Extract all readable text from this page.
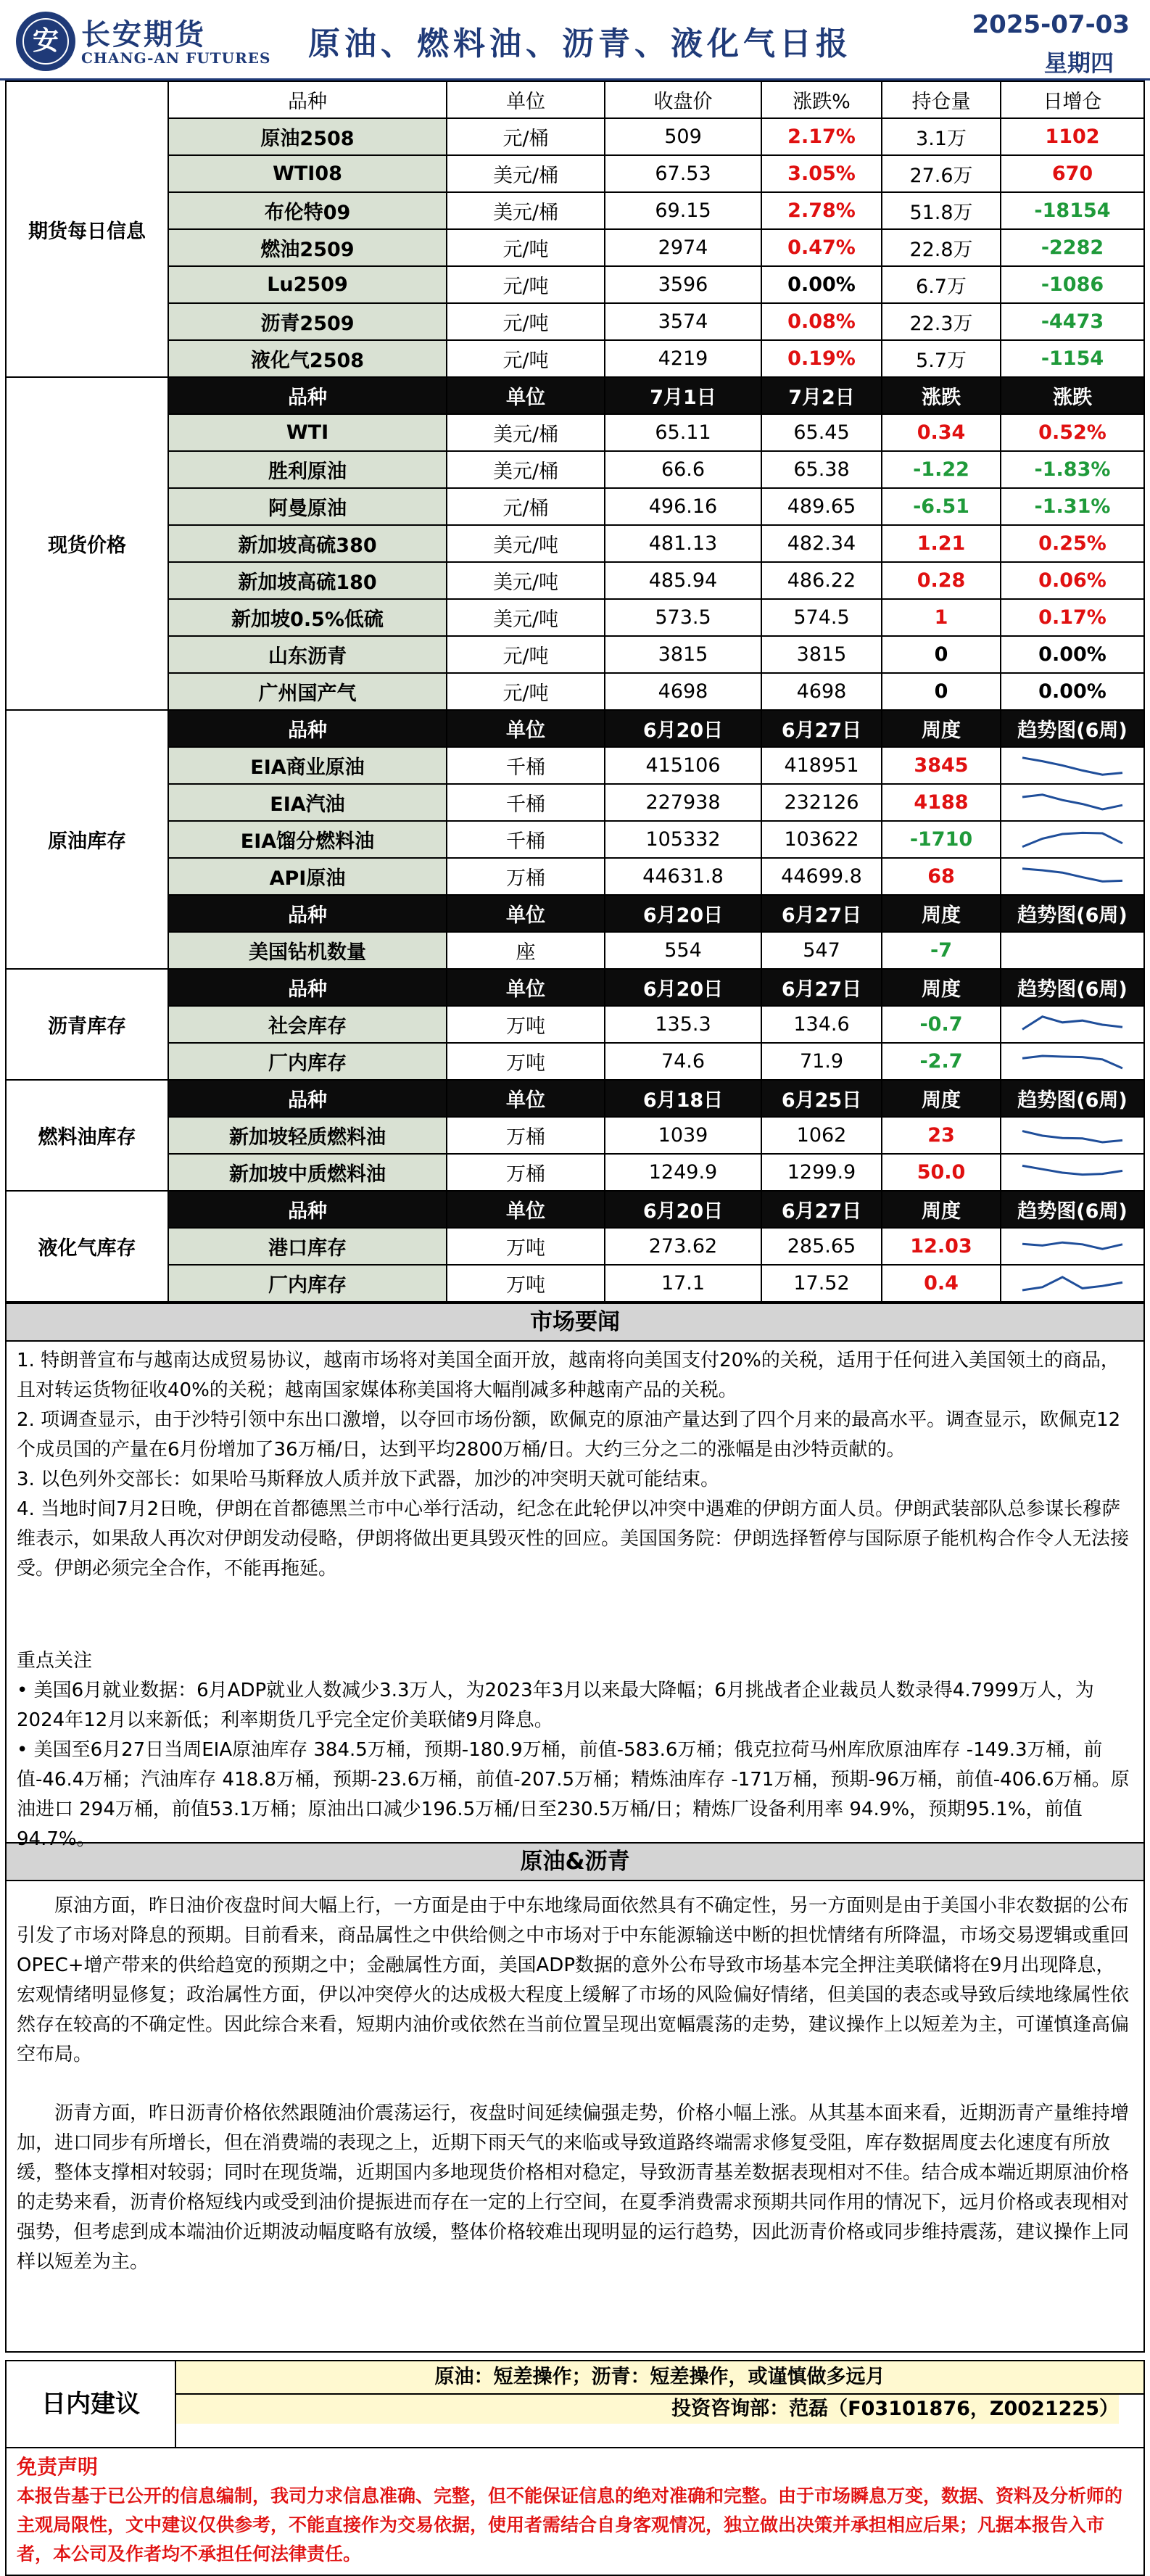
安 长安期货
CHANG-AN FUTURES 原油、燃料油、沥青、液化气日报
2025-07-03
星期四
期货每日信息	品种	单位	收盘价	涨跌%	持仓量	日增仓
	原油2508	元/桶	509	2.17%	3.1万	1102
	WTI08	美元/桶	67.53	3.05%	27.6万	670
	布伦特09	美元/桶	69.15	2.78%	51.8万	-18154
	燃油2509	元/吨	2974	0.47%	22.8万	-2282
	Lu2509	元/吨	3596	0.00%	6.7万	-1086
	沥青2509	元/吨	3574	0.08%	22.3万	-4473
	液化气2508	元/吨	4219	0.19%	5.7万	-1154
现货价格	品种	单位	7月1日	7月2日	涨跌	涨跌
	WTI	美元/桶	65.11	65.45	0.34	0.52%
	胜利原油	美元/桶	66.6	65.38	-1.22	-1.83%
	阿曼原油	元/桶	496.16	489.65	-6.51	-1.31%
	新加坡高硫380	美元/吨	481.13	482.34	1.21	0.25%
	新加坡高硫180	美元/吨	485.94	486.22	0.28	0.06%
	新加坡0.5%低硫	美元/吨	573.5	574.5	1	0.17%
	山东沥青	元/吨	3815	3815	0	0.00%
	广州国产气	元/吨	4698	4698	0	0.00%
原油库存	品种	单位	6月20日	6月27日	周度	趋势图(6周)
	EIA商业原油	千桶	415106	418951	3845	

	EIA汽油	千桶	227938	232126	4188	

	EIA馏分燃料油	千桶	105332	103622	-1710	

	API原油	万桶	44631.8	44699.8	68	

	品种	单位	6月20日	6月27日	周度	趋势图(6周)
	美国钻机数量	座	554	547	-7	
沥青库存	品种	单位	6月20日	6月27日	周度	趋势图(6周)
	社会库存	万吨	135.3	134.6	-0.7	

	厂内库存	万吨	74.6	71.9	-2.7	

燃料油库存	品种	单位	6月18日	6月25日	周度	趋势图(6周)
	新加坡轻质燃料油	万桶	1039	1062	23	

	新加坡中质燃料油	万桶	1249.9	1299.9	50.0	

液化气库存	品种	单位	6月20日	6月27日	周度	趋势图(6周)
	港口库存	万吨	273.62	285.65	12.03	

	厂内库存	万吨	17.1	17.52	0.4	
市场要闻

1. 特朗普宣布与越南达成贸易协议，越南市场将对美国全面开放，越南将向美国支付20%的关税，适用于任何进入美国领土的商品，且对转运货物征收40%的关税；越南国家媒体称美国将大幅削减多种越南产品的关税。

2. 项调查显示，由于沙特引领中东出口激增，以夺回市场份额，欧佩克的原油产量达到了四个月来的最高水平。调查显示，欧佩克12个成员国的产量在6月份增加了36万桶/日，达到平均2800万桶/日。大约三分之二的涨幅是由沙特贡献的。

3. 以色列外交部长：如果哈马斯释放人质并放下武器，加沙的冲突明天就可能结束。

4. 当地时间7月2日晚，伊朗在首都德黑兰市中心举行活动，纪念在此轮伊以冲突中遇难的伊朗方面人员。伊朗武装部队总参谋长穆萨维表示，如果敌人再次对伊朗发动侵略，伊朗将做出更具毁灭性的回应。美国国务院：伊朗选择暂停与国际原子能机构合作令人无法接受。伊朗必须完全合作，不能再拖延。

重点关注

• 美国6月就业数据：6月ADP就业人数减少3.3万人，为2023年3月以来最大降幅；6月挑战者企业裁员人数录得4.7999万人，为2024年12月以来新低；利率期货几乎完全定价美联储9月降息。

• 美国至6月27日当周EIA原油库存 384.5万桶，预期-180.9万桶，前值-583.6万桶；俄克拉荷马州库欣原油库存 -149.3万桶，前值-46.4万桶；汽油库存 418.8万桶，预期-23.6万桶，前值-207.5万桶；精炼油库存 -171万桶，预期-96万桶，前值-406.6万桶。原油进口 294万桶，前值53.1万桶；原油出口减少196.5万桶/日至230.5万桶/日；精炼厂设备利用率 94.9%，预期95.1%，前值94.7%。

原油&沥青

原油方面，昨日油价夜盘时间大幅上行，一方面是由于中东地缘局面依然具有不确定性，另一方面则是由于美国小非农数据的公布引发了市场对降息的预期。目前看来，商品属性之中供给侧之中市场对于中东能源输送中断的担忧情绪有所降温，市场交易逻辑或重回OPEC+增产带来的供给趋宽的预期之中；金融属性方面，美国ADP数据的意外公布导致市场基本完全押注美联储将在9月出现降息，宏观情绪明显修复；政治属性方面，伊以冲突停火的达成极大程度上缓解了市场的风险偏好情绪，但美国的表态或导致后续地缘属性依然存在较高的不确定性。因此综合来看，短期内油价或依然在当前位置呈现出宽幅震荡的走势，建议操作上以短差为主，可谨慎逢高偏空布局。

沥青方面，昨日沥青价格依然跟随油价震荡运行，夜盘时间延续偏强走势，价格小幅上涨。从其基本面来看，近期沥青产量维持增加，进口同步有所增长，但在消费端的表现之上，近期下雨天气的来临或导致道路终端需求修复受阻，库存数据周度去化速度有所放缓，整体支撑相对较弱；同时在现货端，近期国内多地现货价格相对稳定，导致沥青基差数据表现相对不佳。结合成本端近期原油价格的走势来看，沥青价格短线内或受到油价提振进而存在一定的上行空间，在夏季消费需求预期共同作用的情况下，远月价格或表现相对强势，但考虑到成本端油价近期波动幅度略有放缓，整体价格较难出现明显的运行趋势，因此沥青价格或同步维持震荡，建议操作上同样以短差为主。

日内建议
原油：短差操作；沥青：短差操作，或谨慎做多远月
投资咨询部：范磊（F03101876，Z0021225）
免责声明
本报告基于已公开的信息编制，我司力求信息准确、完整，但不能保证信息的绝对准确和完整。由于市场瞬息万变，数据、资料及分析师的主观局限性，文中建议仅供参考，不能直接作为交易依据，使用者需结合自身客观情况，独立做出决策并承担相应后果；凡据本报告入市者，本公司及作者均不承担任何法律责任。
